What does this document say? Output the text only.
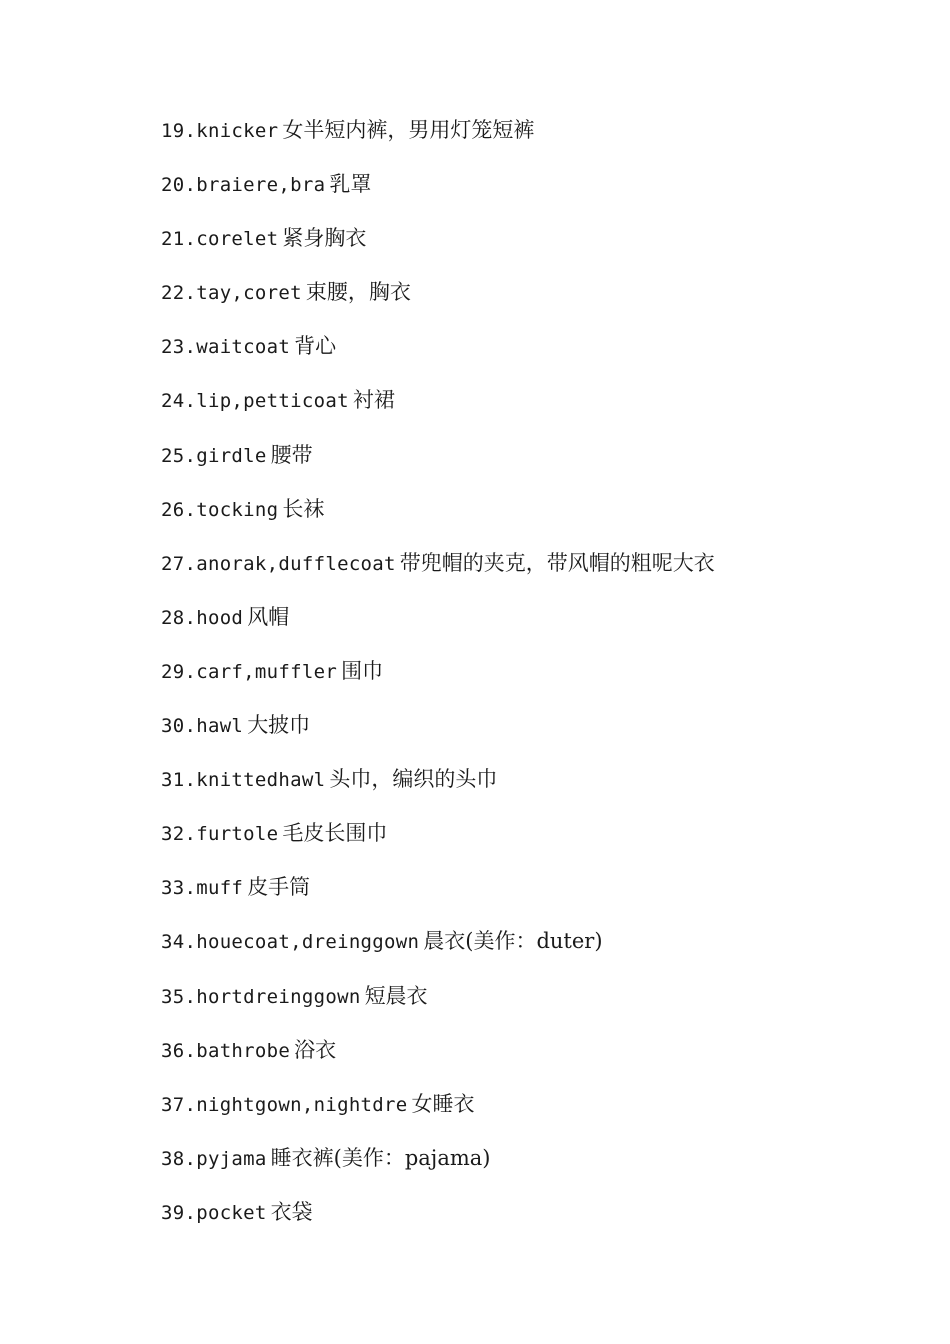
19.knicker 女半短内裤，男用灯笼短裤
20.braiere,bra 乳罩
21.corelet 紧身胸衣
22.tay,coret 束腰，胸衣
23.waitcoat 背心
24.lip,petticoat 衬裙
25.girdle 腰带
26.tocking 长袜
27.anorak,dufflecoat 带兜帽的夹克，带风帽的粗呢大衣
28.hood 风帽
29.carf,muffler 围巾
30.hawl 大披巾
31.knittedhawl 头巾，编织的头巾
32.furtole 毛皮长围巾
33.muff 皮手筒
34.houecoat,dreinggown 晨衣(美作：duter)
35.hortdreinggown 短晨衣
36.bathrobe 浴衣
37.nightgown,nightdre 女睡衣
38.pyjama 睡衣裤(美作：pajama)
39.pocket 衣袋
